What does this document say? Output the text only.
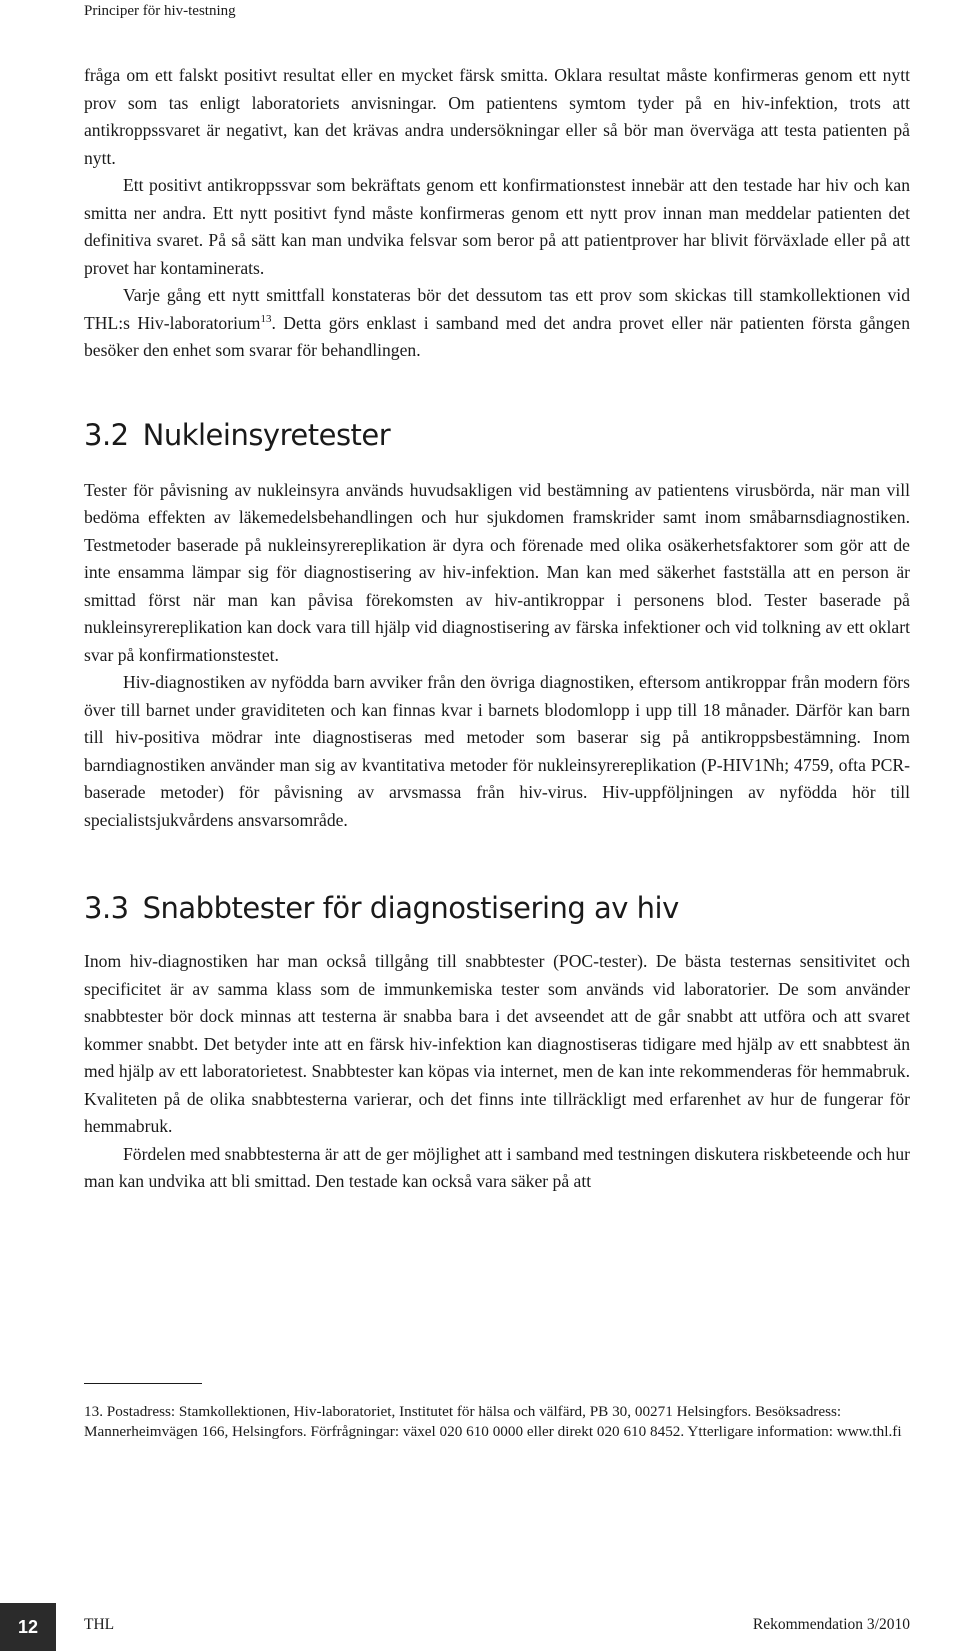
Principer för hiv-testning

fråga om ett falskt positivt resultat eller en mycket färsk smitta. Oklara resultat måste konfirmeras genom ett nytt prov som tas enligt laboratoriets anvisningar. Om patientens symtom tyder på en hiv-infektion, trots att antikroppssvaret är negativt, kan det krävas andra undersökningar eller så bör man överväga att testa patienten på nytt.

Ett positivt antikroppssvar som bekräftats genom ett konfirmationstest innebär att den testade har hiv och kan smitta ner andra. Ett nytt positivt fynd måste konfirmeras genom ett nytt prov innan man meddelar patienten det definitiva svaret. På så sätt kan man undvika felsvar som beror på att patientprover har blivit förväxlade eller på att provet har kontaminerats.

Varje gång ett nytt smittfall konstateras bör det dessutom tas ett prov som skickas till stamkollektionen vid THL:s Hiv-laboratorium$^{13}$. Detta görs enklast i samband med det andra provet eller när patienten första gången besöker den enhet som svarar för behandlingen.

3.2 Nukleinsyretester

Tester för påvisning av nukleinsyra används huvudsakligen vid bestämning av patientens virusbörda, när man vill bedöma effekten av läkemedelsbehandlingen och hur sjukdomen framskrider samt inom småbarnsdiagnostiken. Testmetoder baserade på nukleinsyrereplikation är dyra och förenade med olika osäkerhetsfaktorer som gör att de inte ensamma lämpar sig för diagnostisering av hiv-infektion. Man kan med säkerhet fastställa att en person är smittad först när man kan påvisa förekomsten av hiv-antikroppar i personens blod. Tester baserade på nukleinsyrereplikation kan dock vara till hjälp vid diagnostisering av färska infektioner och vid tolkning av ett oklart svar på konfirmationstestet.

Hiv-diagnostiken av nyfödda barn avviker från den övriga diagnostiken, eftersom antikroppar från modern förs över till barnet under graviditeten och kan finnas kvar i barnets blodomlopp i upp till 18 månader. Därför kan barn till hiv-positiva mödrar inte diagnostiseras med metoder som baserar sig på antikroppsbestämning. Inom barndiagnostiken använder man sig av kvantitativa metoder för nukleinsyrereplikation (P-HIV1Nh; 4759, ofta PCR-baserade metoder) för påvisning av arvsmassa från hiv-virus. Hiv-uppföljningen av nyfödda hör till specialistsjukvårdens ansvarsområde.

3.3 Snabbtester för diagnostisering av hiv

Inom hiv-diagnostiken har man också tillgång till snabbtester (POC-tester). De bästa testernas sensitivitet och specificitet är av samma klass som de immunkemiska tester som används vid laboratorier. De som använder snabbtester bör dock minnas att testerna är snabba bara i det avseendet att de går snabbt att utföra och att svaret kommer snabbt. Det betyder inte att en färsk hiv-infektion kan diagnostiseras tidigare med hjälp av ett snabbtest än med hjälp av ett laboratorietest. Snabbtester kan köpas via internet, men de kan inte rekommenderas för hemmabruk. Kvaliteten på de olika snabbtesterna varierar, och det finns inte tillräckligt med erfarenhet av hur de fungerar för hemmabruk.

Fördelen med snabbtesterna är att de ger möjlighet att i samband med testningen diskutera riskbeteende och hur man kan undvika att bli smittad. Den testade kan också vara säker på att

13. Postadress: Stamkollektionen, Hiv-laboratoriet, Institutet för hälsa och välfärd, PB 30, 00271 Helsingfors. Besöksadress: Mannerheimvägen 166, Helsingfors. Förfrågningar: växel 020 610 0000 eller direkt 020 610 8452. Ytterligare information: www.thl.fi
12	THL	Rekommendation 3/2010
